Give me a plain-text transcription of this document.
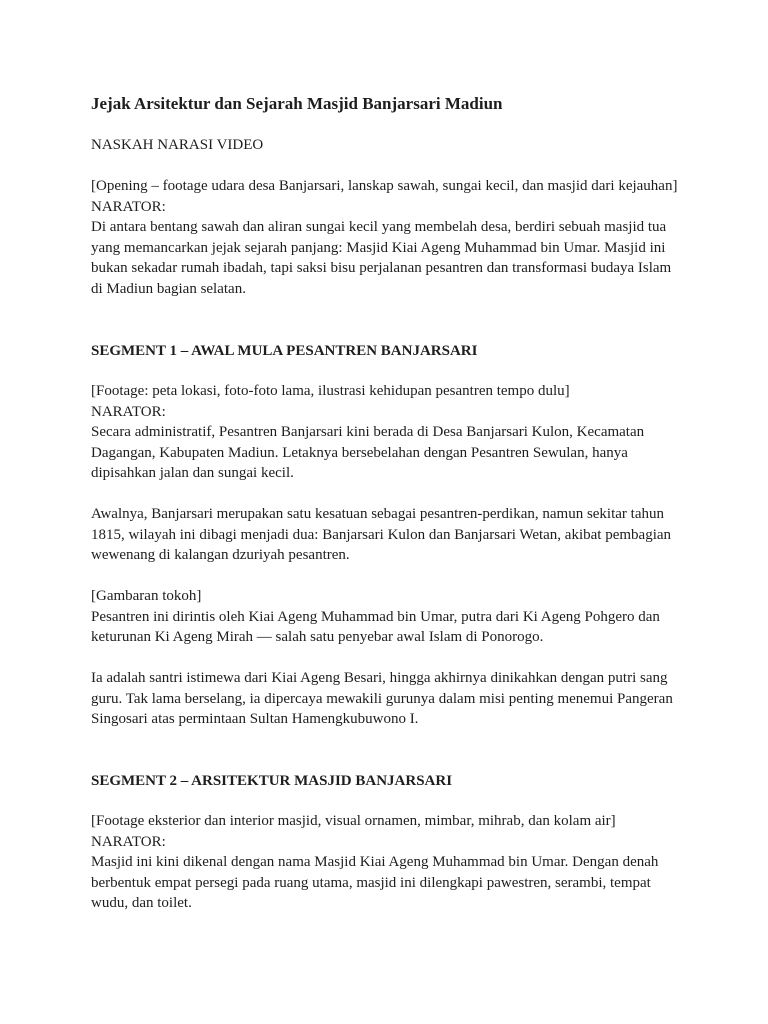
Jejak Arsitektur dan Sejarah Masjid Banjarsari Madiun

NASKAH NARASI VIDEO

[Opening – footage udara desa Banjarsari, lanskap sawah, sungai kecil, dan masjid dari kejauhan]

NARATOR:

Di antara bentang sawah dan aliran sungai kecil yang membelah desa, berdiri sebuah masjid tua yang memancarkan jejak sejarah panjang: Masjid Kiai Ageng Muhammad bin Umar. Masjid ini bukan sekadar rumah ibadah, tapi saksi bisu perjalanan pesantren dan transformasi budaya Islam di Madiun bagian selatan.

SEGMENT 1 – AWAL MULA PESANTREN BANJARSARI

[Footage: peta lokasi, foto-foto lama, ilustrasi kehidupan pesantren tempo dulu]

NARATOR:

Secara administratif, Pesantren Banjarsari kini berada di Desa Banjarsari Kulon, Kecamatan Dagangan, Kabupaten Madiun. Letaknya bersebelahan dengan Pesantren Sewulan, hanya dipisahkan jalan dan sungai kecil.

Awalnya, Banjarsari merupakan satu kesatuan sebagai pesantren-perdikan, namun sekitar tahun 1815, wilayah ini dibagi menjadi dua: Banjarsari Kulon dan Banjarsari Wetan, akibat pembagian wewenang di kalangan dzuriyah pesantren.

[Gambaran tokoh]

Pesantren ini dirintis oleh Kiai Ageng Muhammad bin Umar, putra dari Ki Ageng Pohgero dan keturunan Ki Ageng Mirah — salah satu penyebar awal Islam di Ponorogo.

Ia adalah santri istimewa dari Kiai Ageng Besari, hingga akhirnya dinikahkan dengan putri sang guru. Tak lama berselang, ia dipercaya mewakili gurunya dalam misi penting menemui Pangeran Singosari atas permintaan Sultan Hamengkubuwono I.

SEGMENT 2 – ARSITEKTUR MASJID BANJARSARI

[Footage eksterior dan interior masjid, visual ornamen, mimbar, mihrab, dan kolam air]

NARATOR:

Masjid ini kini dikenal dengan nama Masjid Kiai Ageng Muhammad bin Umar. Dengan denah berbentuk empat persegi pada ruang utama, masjid ini dilengkapi pawestren, serambi, tempat wudu, dan toilet.
